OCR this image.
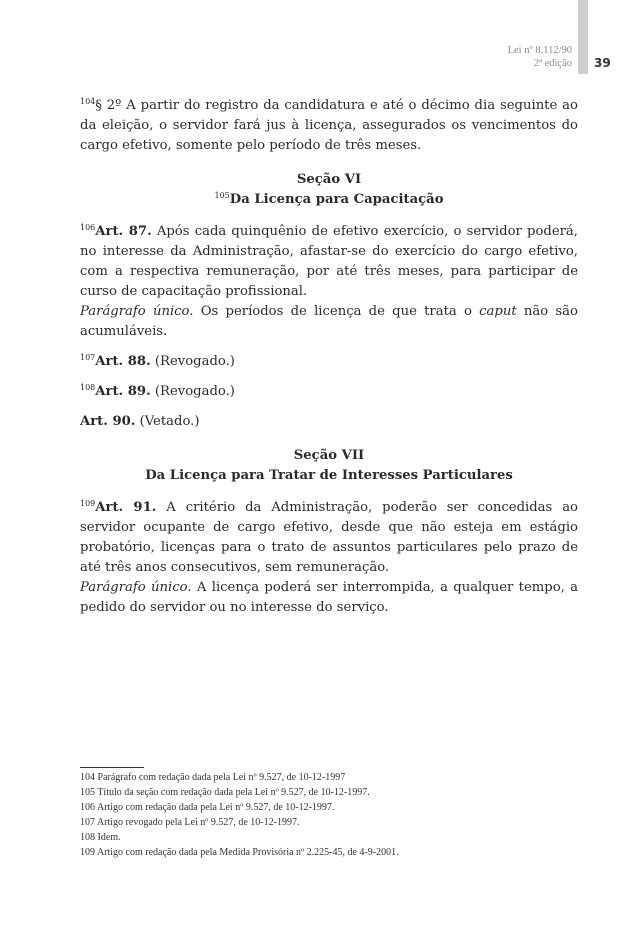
Lei nº 8.112/90
2ª edição 39

$^{104}$§ 2º A partir do registro da candidatura e até o décimo dia seguinte ao da eleição, o servidor fará jus à licença, assegurados os vencimentos do cargo efetivo, somente pelo período de três meses.

Seção VI
$^{105}$Da Licença para Capacitação

$^{106}$Art. 87. Após cada quinquênio de efetivo exercício, o servidor poderá, no interesse da Administração, afastar-se do exercício do cargo efetivo, com a respectiva remuneração, por até três meses, para participar de curso de capacitação profissional.

Parágrafo único. Os períodos de licença de que trata o caput não são acumuláveis.

$^{107}$Art. 88. (Revogado.)

$^{108}$Art. 89. (Revogado.)

Art. 90. (Vetado.)

Seção VII
Da Licença para Tratar de Interesses Particulares

$^{109}$Art. 91. A critério da Administração, poderão ser concedidas ao servidor ocupante de cargo efetivo, desde que não esteja em estágio probatório, licenças para o trato de assuntos particulares pelo prazo de até três anos consecutivos, sem remuneração.

Parágrafo único. A licença poderá ser interrompida, a qualquer tempo, a pedido do servidor ou no interesse do serviço.

104 Parágrafo com redação dada pela Lei nº 9.527, de 10-12-1997
105 Título da seção com redação dada pela Lei nº 9.527, de 10-12-1997.
106 Artigo com redação dada pela Lei nº 9.527, de 10-12-1997.
107 Artigo revogado pela Lei nº 9.527, de 10-12-1997.
108 Idem.
109 Artigo com redação dada pela Medida Provisória nº 2.225-45, de 4-9-2001.
